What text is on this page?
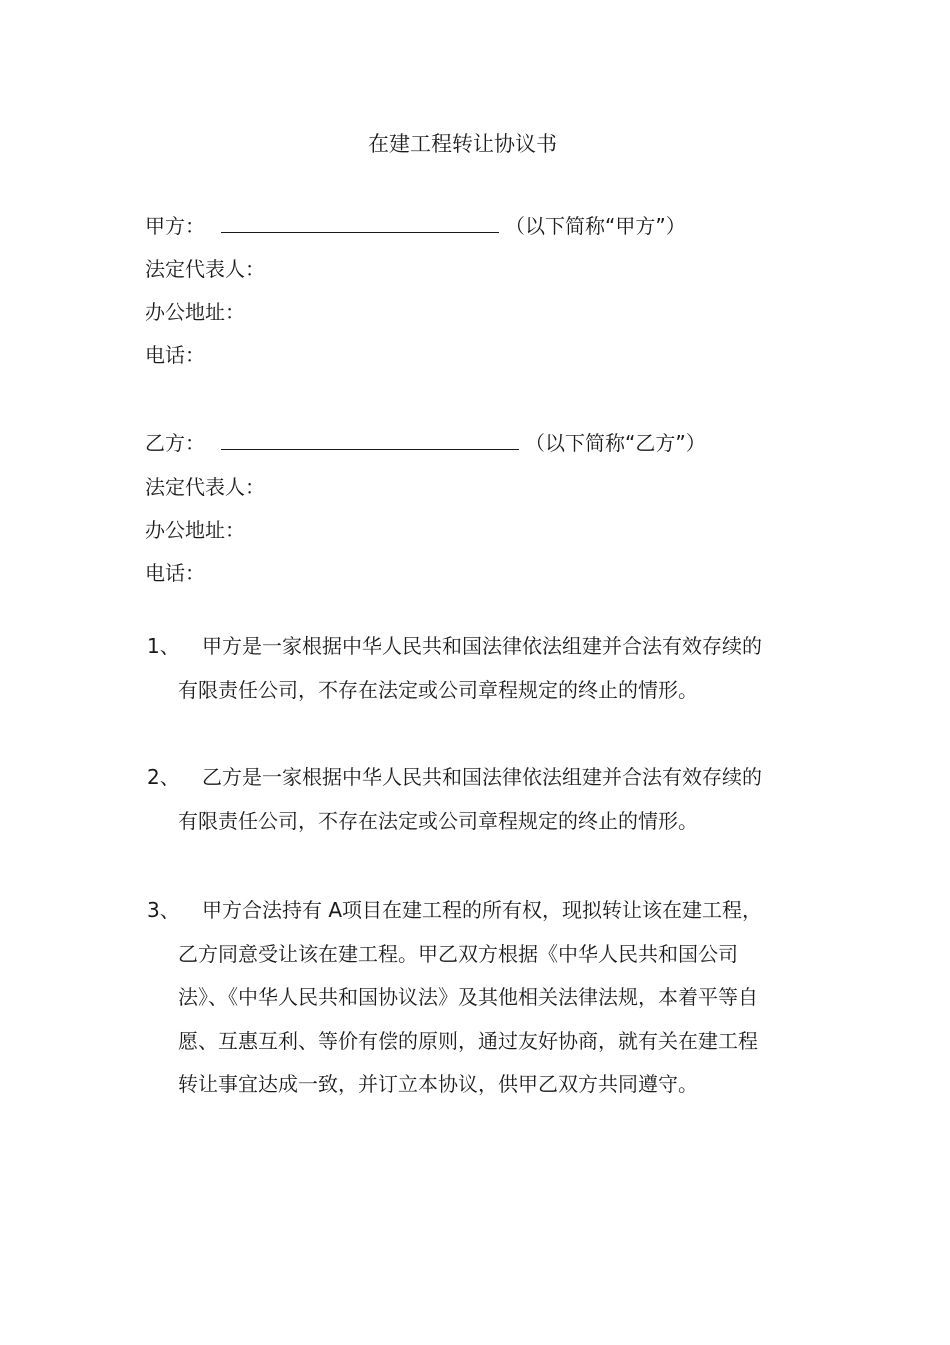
在建工程转让协议书
甲方：	（以下简称“甲方”）
法定代表人：
办公地址：
电话：
乙方：	（以下简称“乙方”）
法定代表人：
办公地址：
电话：
1、	甲方是一家根据中华人民共和国法律依法组建并合法有效存续的有限责任公司，不存在法定或公司章程规定的终止的情形。
2、	乙方是一家根据中华人民共和国法律依法组建并合法有效存续的有限责任公司，不存在法定或公司章程规定的终止的情形。
3、	甲方合法持有 A项目在建工程的所有权，现拟转让该在建工程，乙方同意受让该在建工程。甲乙双方根据《中华人民共和国公司法》、《中华人民共和国协议法》及其他相关法律法规，本着平等自愿、互惠互利、等价有偿的原则，通过友好协商，就有关在建工程转让事宜达成一致，并订立本协议，供甲乙双方共同遵守。
